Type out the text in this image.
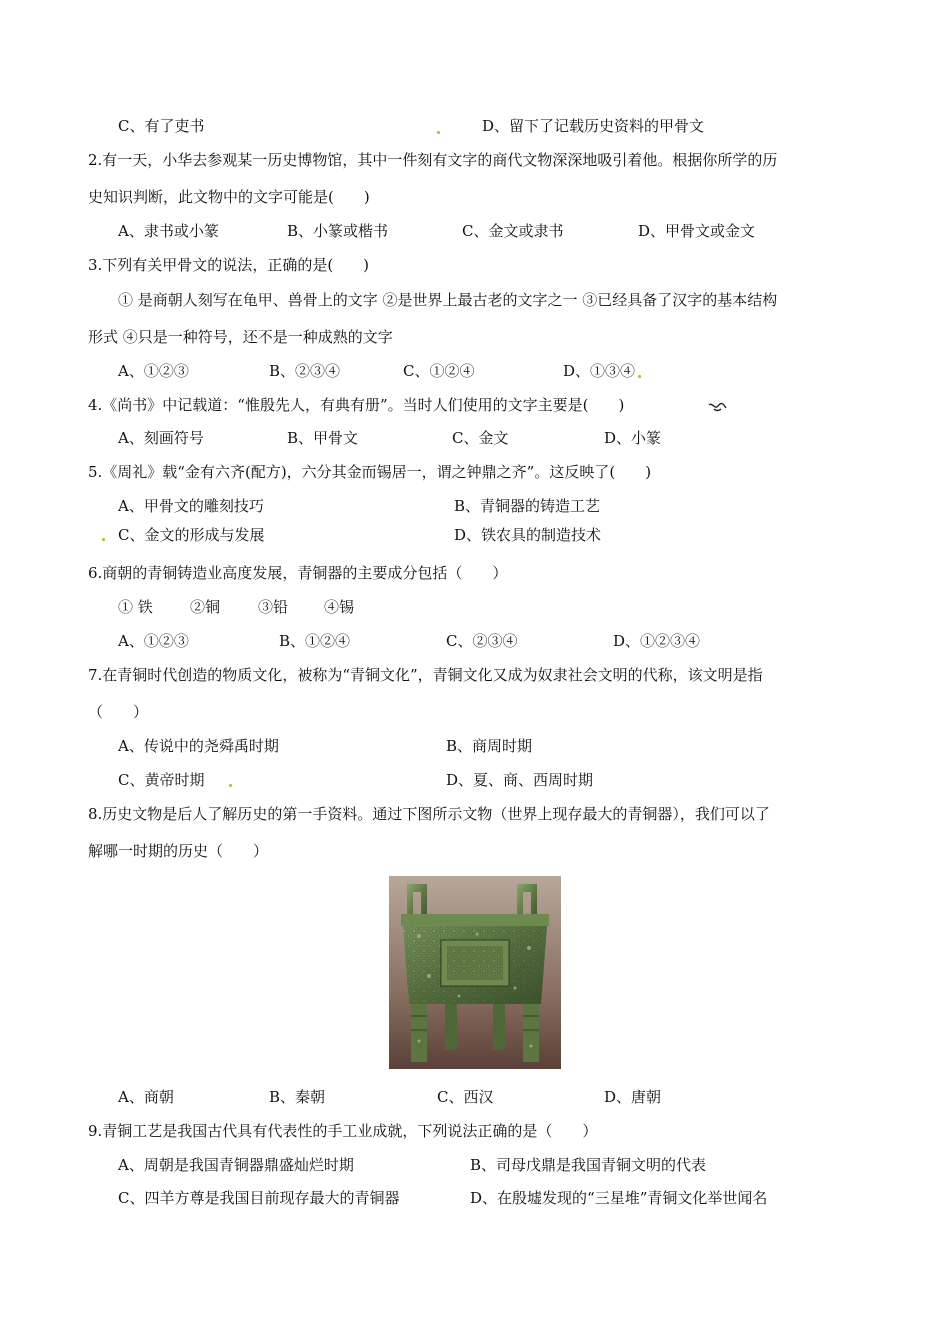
C、有了吏书	D、留下了记载历史资料的甲骨文
2.有一天，小华去参观某一历史博物馆，其中一件刻有文字的商代文物深深地吸引着他。根据你所学的历
史知识判断，此文物中的文字可能是(　　)
A、隶书或小篆	B、小篆或楷书	C、金文或隶书	D、甲骨文或金文
3.下列有关甲骨文的说法，正确的是(　　)
① 是商朝人刻写在龟甲、兽骨上的文字 ②是世界上最古老的文字之一 ③已经具备了汉字的基本结构
形式 ④只是一种符号，还不是一种成熟的文字
A、①②③	B、②③④	C、①②④	D、①③④
4.《尚书》中记载道：“惟殷先人，有典有册”。当时人们使用的文字主要是(　　)
A、刻画符号	B、甲骨文	C、金文	D、小篆
5.《周礼》载“金有六齐(配方)，六分其金而锡居一，谓之钟鼎之齐”。这反映了(　　)
A、甲骨文的雕刻技巧	B、青铜器的铸造工艺
C、金文的形成与发展	D、铁农具的制造技术
6.商朝的青铜铸造业高度发展，青铜器的主要成分包括（　　）
① 铁 ②铜	③铅 ④锡
A、①②③	B、①②④	C、②③④	D、①②③④
7.在青铜时代创造的物质文化，被称为“青铜文化”，青铜文化又成为奴隶社会文明的代称，该文明是指
（　　）
A、传说中的尧舜禹时期	B、商周时期
C、黄帝时期	D、夏、商、西周时期
8.历史文物是后人了解历史的第一手资料。通过下图所示文物（世界上现存最大的青铜器），我们可以了
解哪一时期的历史（　　）
A、商朝	B、秦朝	C、西汉	D、唐朝
9.青铜工艺是我国古代具有代表性的手工业成就，下列说法正确的是（　　）
A、周朝是我国青铜器鼎盛灿烂时期	B、司母戊鼎是我国青铜文明的代表
C、四羊方尊是我国目前现存最大的青铜器	D、在殷墟发现的“三星堆”青铜文化举世闻名
